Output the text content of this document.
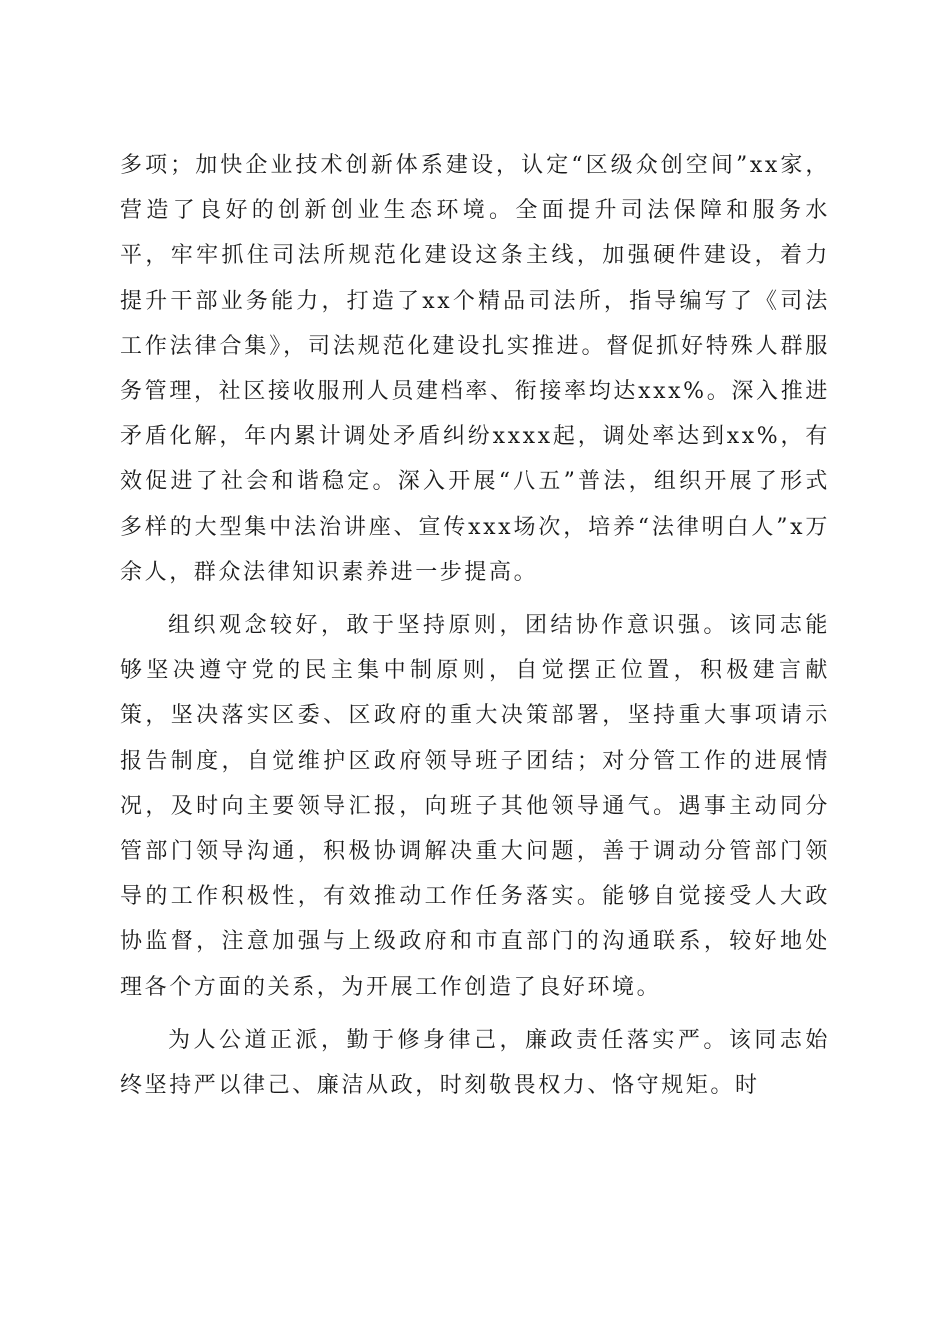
多项；加快企业技术创新体系建设，认定“区级众创空间”xx家，营造了良好的创新创业生态环境。全面提升司法保障和服务水平，牢牢抓住司法所规范化建设这条主线，加强硬件建设，着力提升干部业务能力，打造了xx个精品司法所，指导编写了《司法工作法律合集》，司法规范化建设扎实推进。督促抓好特殊人群服务管理，社区接收服刑人员建档率、衔接率均达xxx%。深入推进矛盾化解，年内累计调处矛盾纠纷xxxx起，调处率达到xx%，有效促进了社会和谐稳定。深入开展“八五”普法，组织开展了形式多样的大型集中法治讲座、宣传xxx场次，培养“法律明白人”x万余人，群众法律知识素养进一步提高。

组织观念较好，敢于坚持原则，团结协作意识强。该同志能够坚决遵守党的民主集中制原则，自觉摆正位置，积极建言献策，坚决落实区委、区政府的重大决策部署，坚持重大事项请示报告制度，自觉维护区政府领导班子团结；对分管工作的进展情况，及时向主要领导汇报，向班子其他领导通气。遇事主动同分管部门领导沟通，积极协调解决重大问题，善于调动分管部门领导的工作积极性，有效推动工作任务落实。能够自觉接受人大政协监督，注意加强与上级政府和市直部门的沟通联系，较好地处理各个方面的关系，为开展工作创造了良好环境。

为人公道正派，勤于修身律己，廉政责任落实严。该同志始终坚持严以律己、廉洁从政，时刻敬畏权力、恪守规矩。时
